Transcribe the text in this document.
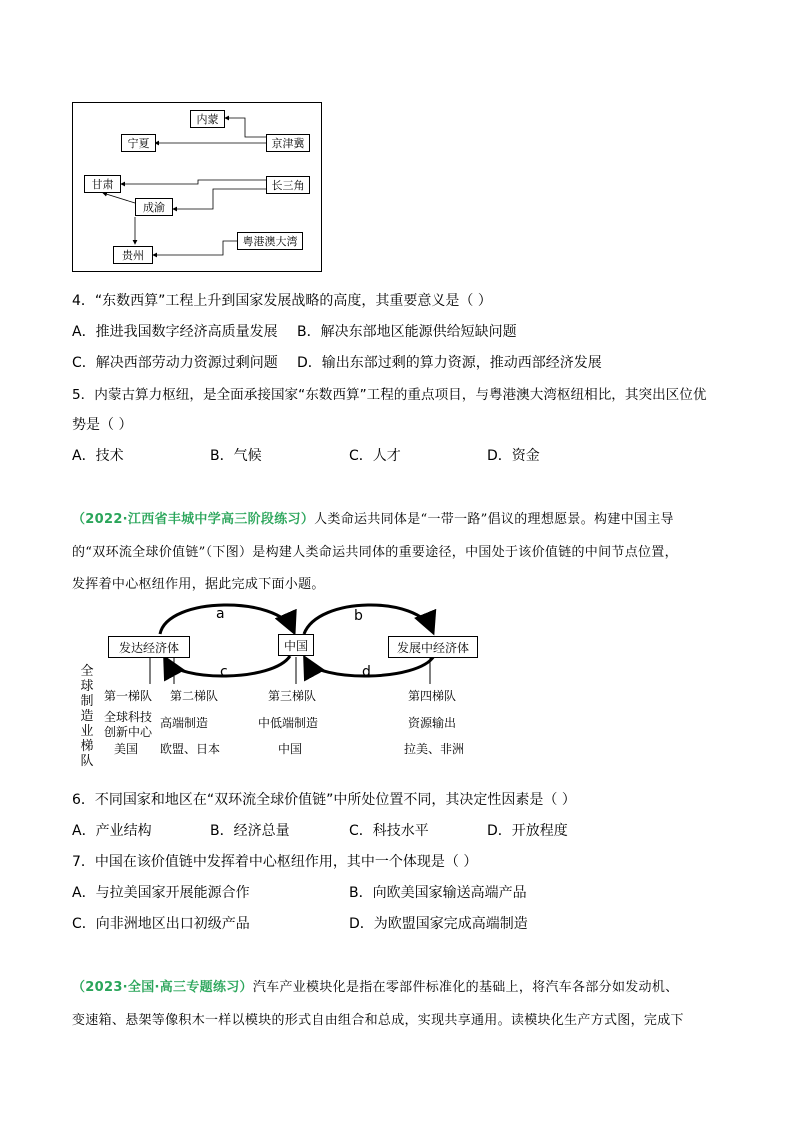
内蒙
宁夏	京津冀
甘肃	长三角
成渝
粤港澳大湾
贵州
4．“东数西算”工程上升到国家发展战略的高度，其重要意义是（ ）
A．推进我国数字经济高质量发展 B．解决东部地区能源供给短缺问题
C．解决西部劳动力资源过剩问题 D．输出东部过剩的算力资源，推动西部经济发展
5．内蒙古算力枢纽，是全面承接国家“东数西算”工程的重点项目，与粤港澳大湾枢纽相比，其突出区位优
势是（ ）
A．技术	B．气候	C．人才	D．资金
（2022·江西省丰城中学高三阶段练习）人类命运共同体是“一带一路”倡议的理想愿景。构建中国主导
的“双环流全球价值链”（下图）是构建人类命运共同体的重要途径，中国处于该价值链的中间节点位置，
发挥着中心枢纽作用，据此完成下面小题。
发达经济体	中国	发展中经济体
a	b
c	d
第一梯队
全球科技
创新中心
美国
第二梯队
高端制造
欧盟、日本
第三梯队
中低端制造
中国
第四梯队
资源输出
拉美、非洲
全
球
制
造
业
梯
队
6．不同国家和地区在“双环流全球价值链”中所处位置不同，其决定性因素是（ ）
A．产业结构	B．经济总量	C．科技水平	D．开放程度
7．中国在该价值链中发挥着中心枢纽作用，其中一个体现是（ ）
A．与拉美国家开展能源合作	B．向欧美国家输送高端产品
C．向非洲地区出口初级产品	D．为欧盟国家完成高端制造
（2023·全国·高三专题练习）汽车产业模块化是指在零部件标准化的基础上，将汽车各部分如发动机、
变速箱、悬架等像积木一样以模块的形式自由组合和总成，实现共享通用。读模块化生产方式图，完成下
